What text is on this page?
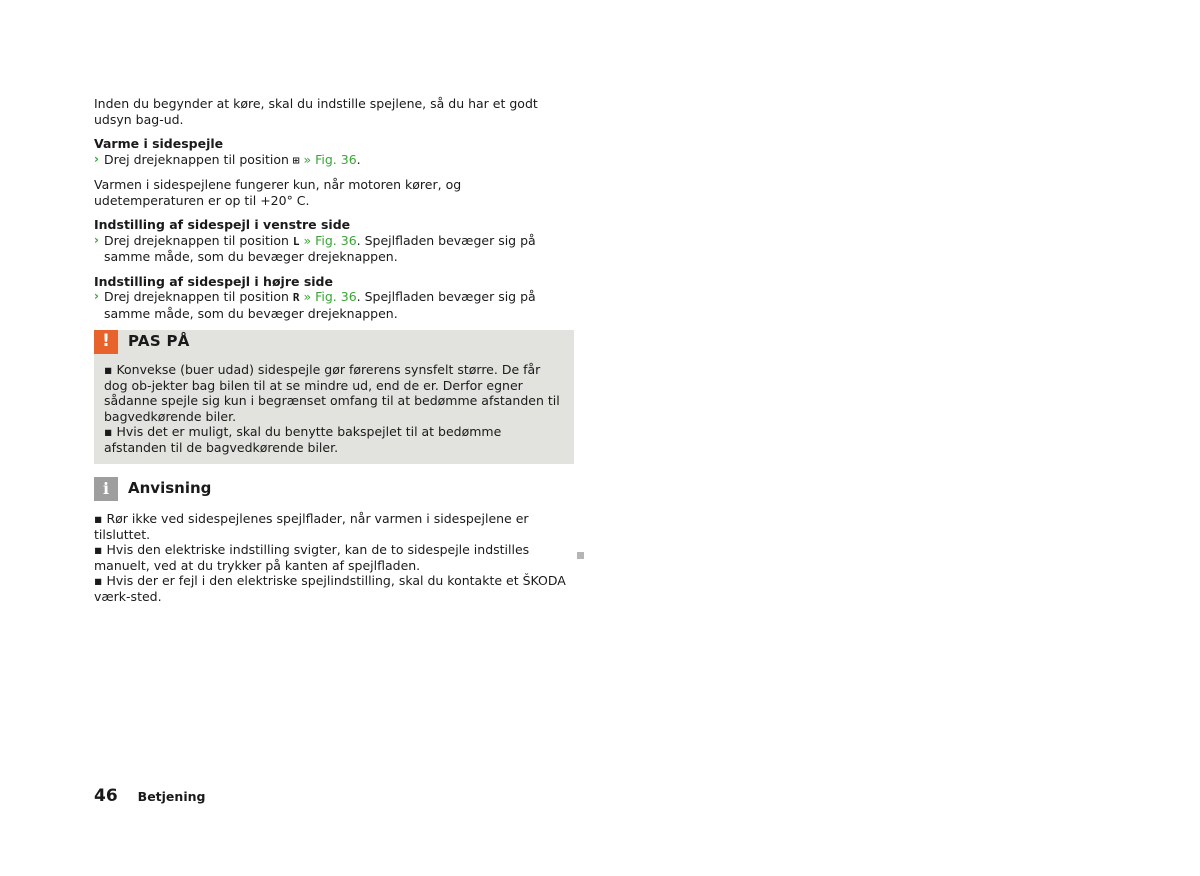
Inden du begynder at køre, skal du indstille spejlene, så du har et godt udsyn bag-ud.

Varme i sidespejle

› Drej drejeknappen til position ⊞ » Fig. 36.

Varmen i sidespejlene fungerer kun, når motoren kører, og udetemperaturen er op til +20° C.

Indstilling af sidespejl i venstre side

› Drej drejeknappen til position L » Fig. 36. Spejlfladen bevæger sig på samme måde, som du bevæger drejeknappen.

Indstilling af sidespejl i højre side

› Drej drejeknappen til position R » Fig. 36. Spejlfladen bevæger sig på samme måde, som du bevæger drejeknappen.

!	PAS PÅ

▪ Konvekse (buer udad) sidespejle gør førerens synsfelt større. De får dog ob-jekter bag bilen til at se mindre ud, end de er. Derfor egner sådanne spejle sig kun i begrænset omfang til at bedømme afstanden til bagvedkørende biler.

▪ Hvis det er muligt, skal du benytte bakspejlet til at bedømme afstanden til de bagvedkørende biler.

i	Anvisning

▪ Rør ikke ved sidespejlenes spejlflader, når varmen i sidespejlene er tilsluttet.

▪ Hvis den elektriske indstilling svigter, kan de to sidespejle indstilles manuelt, ved at du trykker på kanten af spejlfladen.

▪ Hvis der er fejl i den elektriske spejlindstilling, skal du kontakte et ŠKODA værk-sted.

46 Betjening
